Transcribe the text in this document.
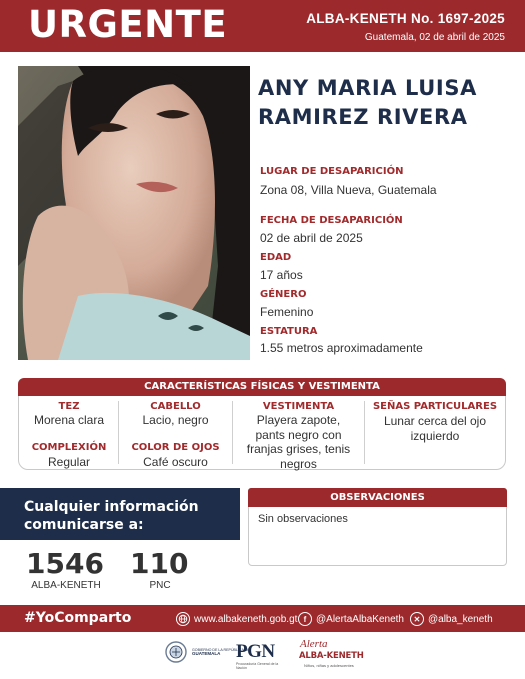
URGENTE	ALBA-KENETH No. 1697-2025
Guatemala, 02 de abril de 2025
ANY MARIA LUISA
RAMIREZ RIVERA
LUGAR DE DESAPARICIÓN
Zona 08, Villa Nueva, Guatemala
FECHA DE DESAPARICIÓN
02 de abril de 2025
EDAD
17 años
GÉNERO
Femenino
ESTATURA
1.55 metros aproximadamente
CARACTERÍSTICAS FÍSICAS Y VESTIMENTA
TEZ
Morena clara
COMPLEXIÓN
Regular
CABELLO
Lacio, negro
COLOR DE OJOS
Café oscuro
VESTIMENTA
Playera zapote,
pants negro con
franjas grises, tenis
negros
SEÑAS PARTICULARES
Lunar cerca del ojo
izquierdo
Cualquier información
comunicarse a:
1546
ALBA-KENETH
110
PNC
OBSERVACIONES
Sin observaciones
#YoComparto	www.albakeneth.gob.gt f @AlertaAlbaKeneth	✕ @alba_keneth
GOBIERNO DE LA REPÚBLICA DE
GUATEMALA PGN
Procuraduría General de la Nación
Alerta
ALBA-KENETH
Niños, niñas y adolescentes
